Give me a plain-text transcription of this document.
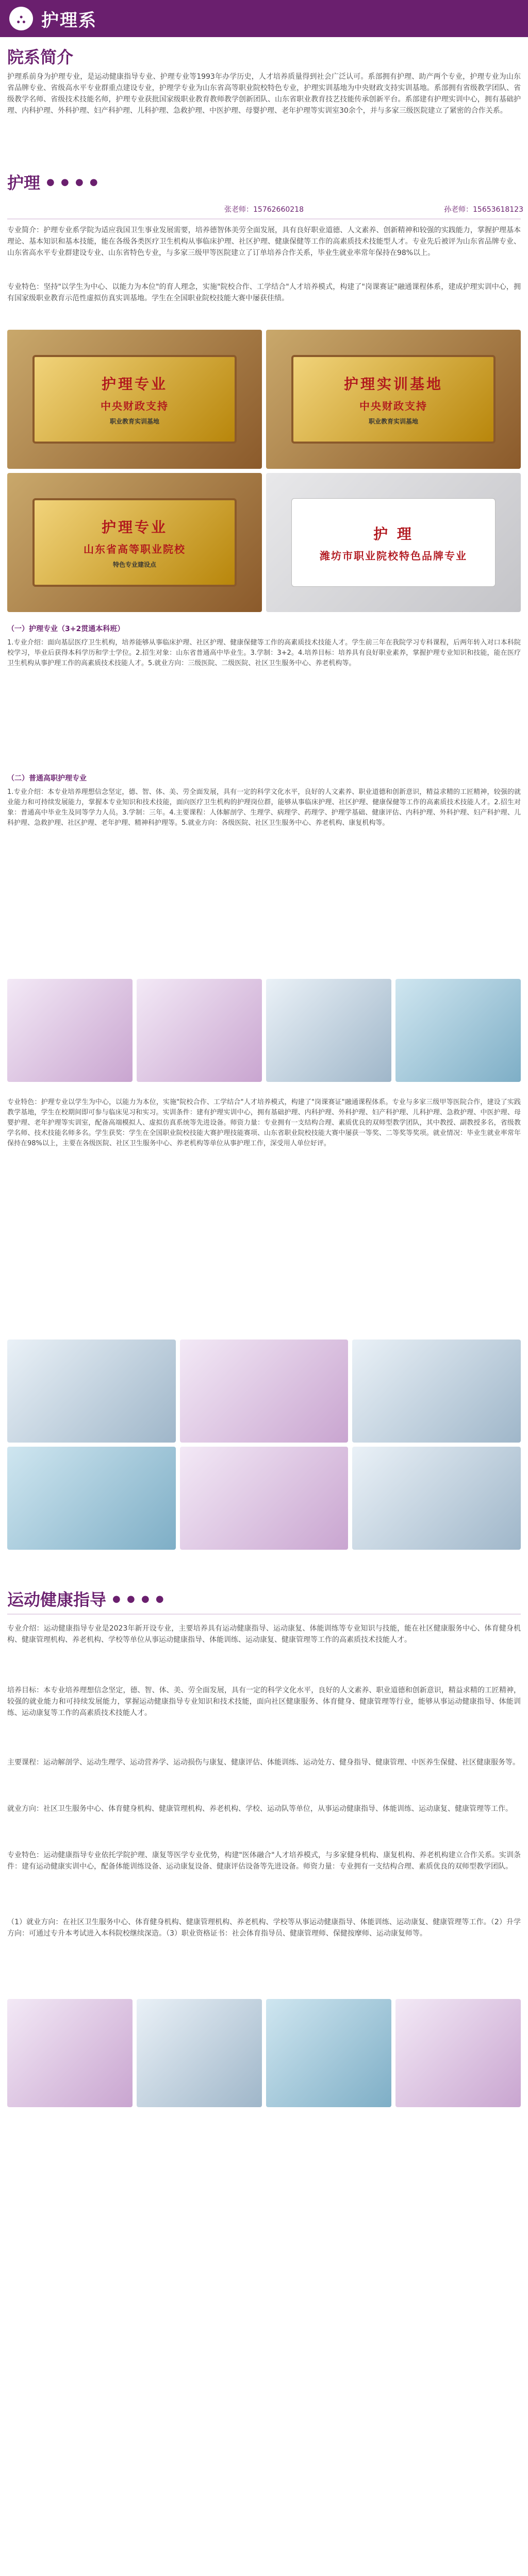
⛬ 护理系
院系简介
护理系前身为护理专业，是运动健康指导专业、护理专业等1993年办学历史，人才培养质量得到社会广泛认可。系部拥有护理、助产两个专业，护理专业为山东省品牌专业、省级高水平专业群重点建设专业，护理学专业为山东省高等职业院校特色专业，护理实训基地为中央财政支持实训基地。系部拥有省级教学团队、省级教学名师、省级技术技能名师，护理专业获批国家级职业教育教师教学创新团队、山东省职业教育技艺技能传承创新平台。系部建有护理实训中心，拥有基础护理、内科护理、外科护理、妇产科护理、儿科护理、急救护理、中医护理、母婴护理、老年护理等实训室30余个，并与多家三级医院建立了紧密的合作关系。
护理 ● ● ● ●
张老师：15762660218	孙老师：15653618123
专业简介：护理专业系学院为适应我国卫生事业发展需要，培养德智体美劳全面发展，具有良好职业道德、人文素养、创新精神和较强的实践能力，掌握护理基本理论、基本知识和基本技能，能在各级各类医疗卫生机构从事临床护理、社区护理、健康保健等工作的高素质技术技能型人才。专业先后被评为山东省品牌专业、山东省高水平专业群建设专业、山东省特色专业，与多家三级甲等医院建立了订单培养合作关系，毕业生就业率常年保持在98%以上。
专业特色：坚持"以学生为中心、以能力为本位"的育人理念，实施"院校合作、工学结合"人才培养模式，构建了"岗课赛证"融通课程体系，建成护理实训中心，拥有国家级职业教育示范性虚拟仿真实训基地。学生在全国职业院校技能大赛中屡获佳绩。
护理专业
中央财政支持
职业教育实训基地
护理实训基地
中央财政支持
职业教育实训基地
护理专业
山东省高等职业院校
特色专业建设点
护 理
潍坊市职业院校特色品牌专业
（一）护理专业（3+2贯通本科班）
1.专业介绍：面向基层医疗卫生机构，培养能够从事临床护理、社区护理、健康保健等工作的高素质技术技能人才。学生前三年在我院学习专科课程，后两年转入对口本科院校学习，毕业后获得本科学历和学士学位。2.招生对象：山东省普通高中毕业生。3.学制：3+2。4.培养目标：培养具有良好职业素养，掌握护理专业知识和技能，能在医疗卫生机构从事护理工作的高素质技术技能人才。5.就业方向：三级医院、二级医院、社区卫生服务中心、养老机构等。
（二）普通高职护理专业
1.专业介绍：本专业培养理想信念坚定，德、智、体、美、劳全面发展，具有一定的科学文化水平，良好的人文素养、职业道德和创新意识，精益求精的工匠精神，较强的就业能力和可持续发展能力，掌握本专业知识和技术技能，面向医疗卫生机构的护理岗位群，能够从事临床护理、社区护理、健康保健等工作的高素质技术技能人才。2.招生对象：普通高中毕业生及同等学力人员。3.学制：三年。4.主要课程：人体解剖学、生理学、病理学、药理学、护理学基础、健康评估、内科护理、外科护理、妇产科护理、儿科护理、急救护理、社区护理、老年护理、精神科护理等。5.就业方向：各级医院、社区卫生服务中心、养老机构、康复机构等。
专业特色：护理专业以学生为中心，以能力为本位，实施"院校合作、工学结合"人才培养模式，构建了"岗课赛证"融通课程体系。专业与多家三级甲等医院合作，建设了实践教学基地，学生在校期间即可参与临床见习和实习。实训条件：建有护理实训中心，拥有基础护理、内科护理、外科护理、妇产科护理、儿科护理、急救护理、中医护理、母婴护理、老年护理等实训室，配备高端模拟人、虚拟仿真系统等先进设备。师资力量：专业拥有一支结构合理、素质优良的双师型教学团队，其中教授、副教授多名，省级教学名师、技术技能名师多名。学生获奖：学生在全国职业院校技能大赛护理技能赛项、山东省职业院校技能大赛中屡获一等奖、二等奖等奖项。就业情况：毕业生就业率常年保持在98%以上，主要在各级医院、社区卫生服务中心、养老机构等单位从事护理工作，深受用人单位好评。
运动健康指导 ● ● ● ●
专业介绍：运动健康指导专业是2023年新开设专业，主要培养具有运动健康指导、运动康复、体能训练等专业知识与技能，能在社区健康服务中心、体育健身机构、健康管理机构、养老机构、学校等单位从事运动健康指导、体能训练、运动康复、健康管理等工作的高素质技术技能人才。
培养目标：本专业培养理想信念坚定，德、智、体、美、劳全面发展，具有一定的科学文化水平，良好的人文素养、职业道德和创新意识，精益求精的工匠精神，较强的就业能力和可持续发展能力，掌握运动健康指导专业知识和技术技能，面向社区健康服务、体育健身、健康管理等行业，能够从事运动健康指导、体能训练、运动康复等工作的高素质技术技能人才。
主要课程：运动解剖学、运动生理学、运动营养学、运动损伤与康复、健康评估、体能训练、运动处方、健身指导、健康管理、中医养生保健、社区健康服务等。
就业方向：社区卫生服务中心、体育健身机构、健康管理机构、养老机构、学校、运动队等单位，从事运动健康指导、体能训练、运动康复、健康管理等工作。
专业特色：运动健康指导专业依托学院护理、康复等医学专业优势，构建"医体融合"人才培养模式，与多家健身机构、康复机构、养老机构建立合作关系。实训条件：建有运动健康实训中心，配备体能训练设备、运动康复设备、健康评估设备等先进设备。师资力量：专业拥有一支结构合理、素质优良的双师型教学团队。
（1）就业方向：在社区卫生服务中心、体育健身机构、健康管理机构、养老机构、学校等从事运动健康指导、体能训练、运动康复、健康管理等工作。（2）升学方向：可通过专升本考试进入本科院校继续深造。（3）职业资格证书：社会体育指导员、健康管理师、保健按摩师、运动康复师等。
